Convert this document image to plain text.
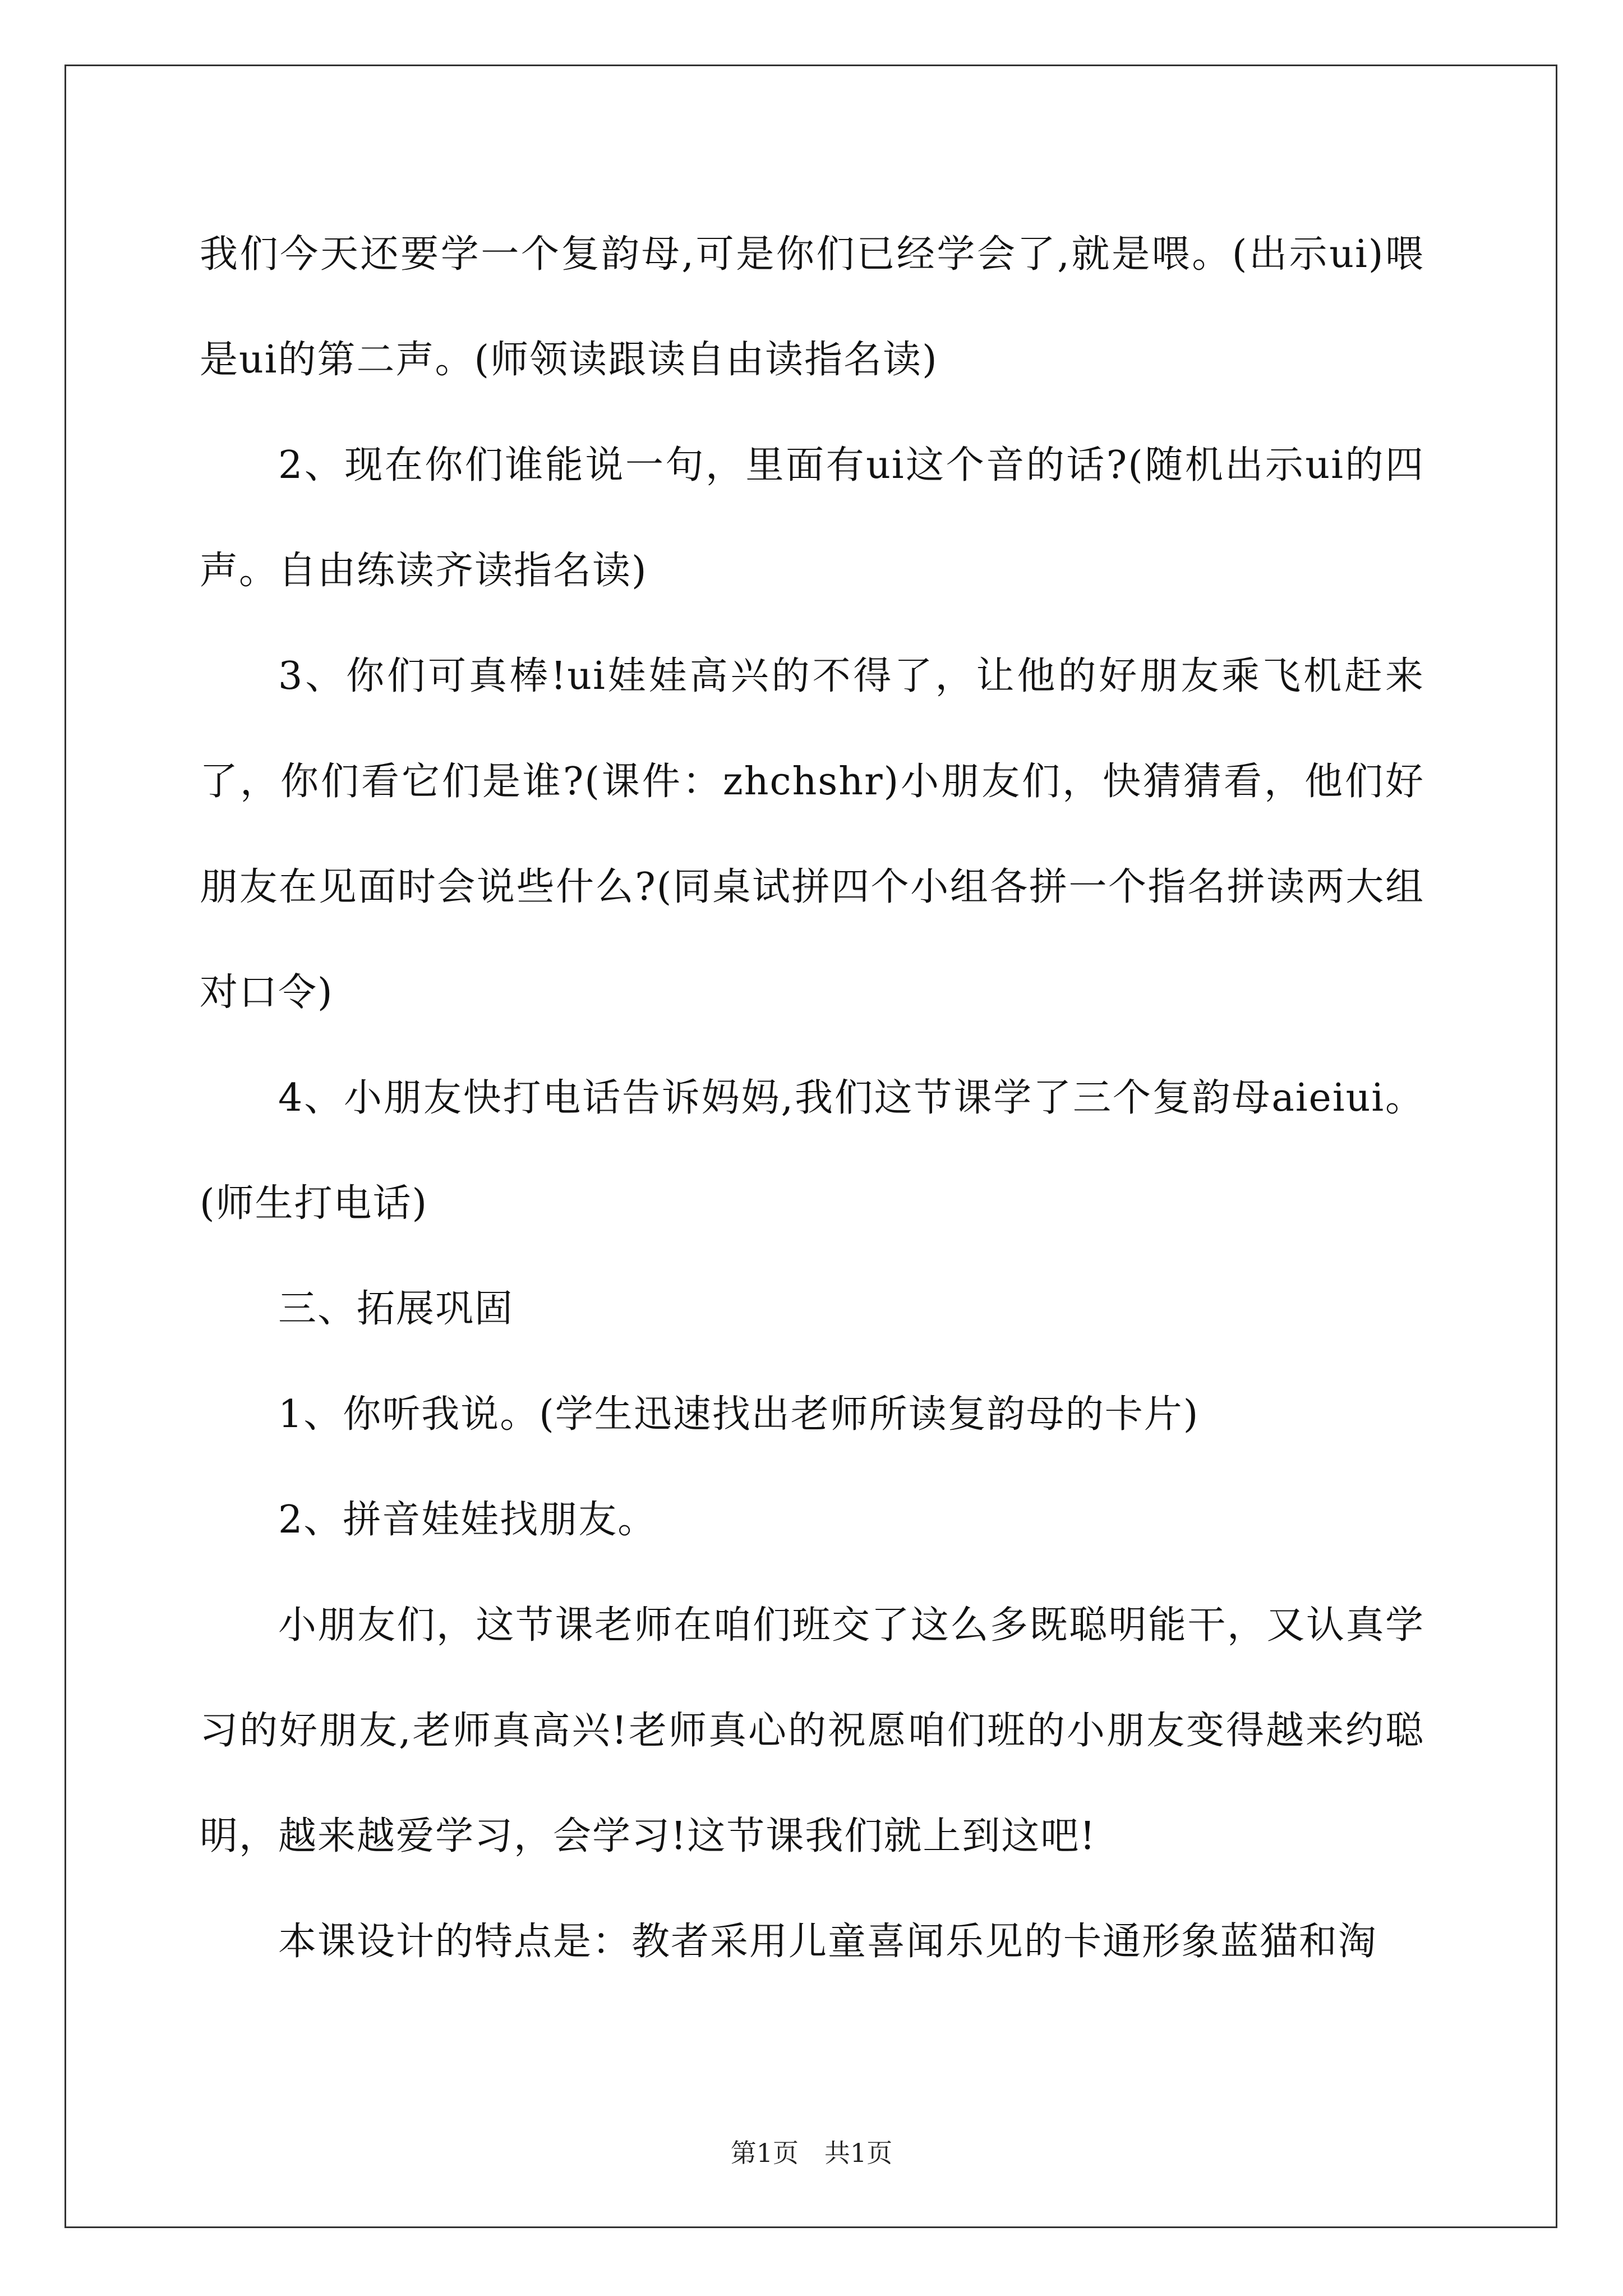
我们今天还要学一个复韵母,可是你们已经学会了,就是喂。(出示ui)喂是ui的第二声。(师领读跟读自由读指名读)

2、现在你们谁能说一句，里面有ui这个音的话?(随机出示ui的四声。自由练读齐读指名读)

3、你们可真棒!ui娃娃高兴的不得了，让他的好朋友乘飞机赶来了，你们看它们是谁?(课件：zhchshr)小朋友们，快猜猜看，他们好朋友在见面时会说些什么?(同桌试拼四个小组各拼一个指名拼读两大组对口令)

4、小朋友快打电话告诉妈妈,我们这节课学了三个复韵母aieiui。(师生打电话)

三、拓展巩固

1、你听我说。(学生迅速找出老师所读复韵母的卡片)

2、拼音娃娃找朋友。

小朋友们，这节课老师在咱们班交了这么多既聪明能干，又认真学习的好朋友,老师真高兴!老师真心的祝愿咱们班的小朋友变得越来约聪明，越来越爱学习，会学习!这节课我们就上到这吧!

本课设计的特点是：教者采用儿童喜闻乐见的卡通形象蓝猫和淘

第1页 共1页
